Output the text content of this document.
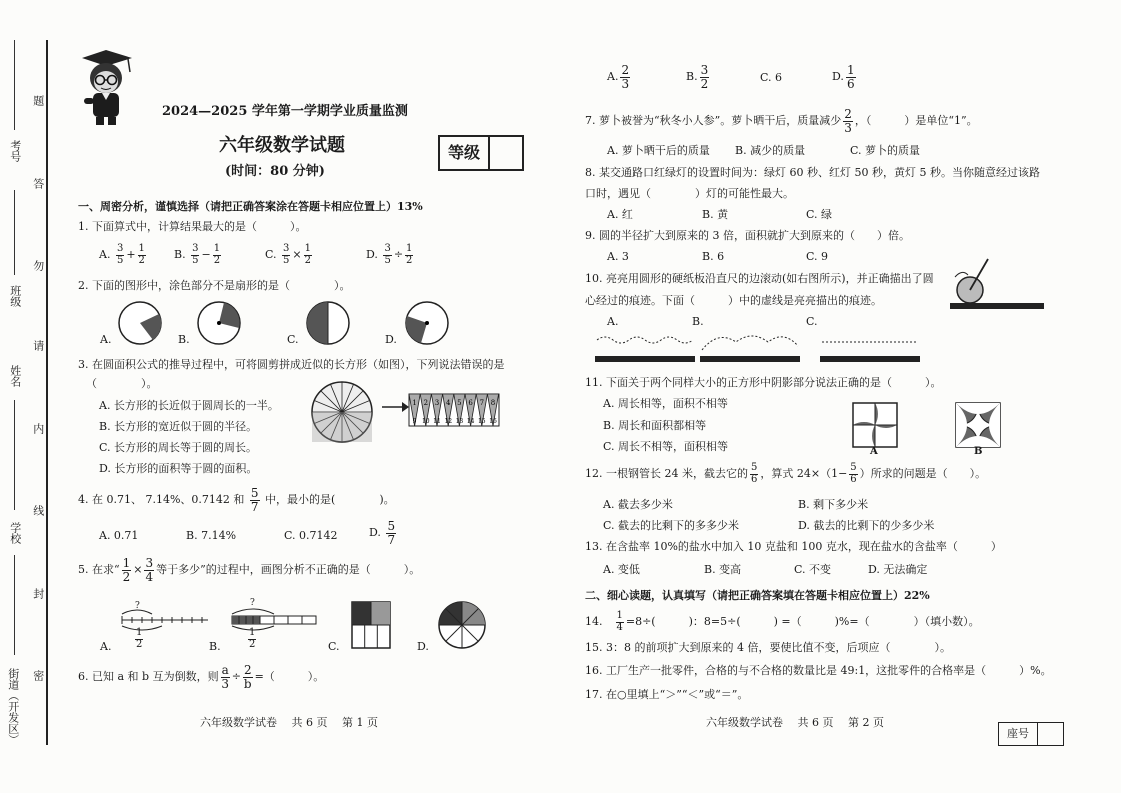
考号
班级
姓名
学校
街道（开发区）
题
答
勿
请
内
线
封
密
2024—2025 学年第一学期学业质量监测
六年级数学试题
(时间：80 分钟)
等级
一、周密分析，谨慎选择（请把正确答案涂在答题卡相应位置上）13%
1. 下面算式中，计算结果最大的是（　　　）。
A. $\frac{3}{5} + \frac{1}{2}$	B. $\frac{3}{5} - \frac{1}{2}$	C. $\frac{3}{5} \times \frac{1}{2}$	D. $\frac{3}{5} \div \frac{1}{2}$
2. 下面的图形中，涂色部分不是扇形的是（　　　　）。
A.	B.	C.	D.
3. 在圆面积公式的推导过程中，可将圆剪拼成近似的长方形（如图），下列说法错误的是
（　　　　）。
A. 长方形的长近似于圆周长的一半。
B. 长方形的宽近似于圆的半径。
C. 长方形的周长等于圆的周长。
D. 长方形的面积等于圆的面积。
1 2 3 4 5 6 7 8
9 10 11 12 13 14 15 16
4. 在 0.71、 7.14%、0.7142 和 $\frac{5}{7}$ 中，最小的是(　　　　)。
A. 0.71	B. 7.14%	C. 0.7142	D. $\frac{5}{7}$
5. 在求“ $\frac{1}{2} \times \frac{3}{4}$ 等于多少”的过程中，画图分析不正确的是（　　　）。
A.
?
$\frac{1}{2}$	B.
?
$\frac{1}{2}$	C.	D.
6. 已知 a 和 b 互为倒数，则 $\frac{a}{3} \div \frac{2}{b}$ =（　　　）。
六年级数学试卷　 共 6 页　 第 1 页
A. $\frac{2}{3}$	B. $\frac{3}{2}$	C. 6	D. $\frac{1}{6}$
7. 萝卜被誉为“秋冬小人参”。萝卜晒干后，质量减少 $\frac{2}{3}$ ，（　　　）是单位“1”。
A. 萝卜晒干后的质量 B. 减少的质量	C. 萝卜的质量
8. 某交通路口红绿灯的设置时间为：绿灯 60 秒、红灯 50 秒，黄灯 5 秒。当你随意经过该路
口时，遇见（　　　　）灯的可能性最大。
A. 红	B. 黄	C. 绿
9. 圆的半径扩大到原来的 3 倍，面积就扩大到原来的（　　）倍。
A. 3	B. 6	C. 9
10. 亮亮用圆形的硬纸板沿直尺的边滚动(如右图所示)，并正确描出了圆
心经过的痕迹。下面（　　　）中的虚线是亮亮描出的痕迹。
A.	B.	C.
11. 下面关于两个同样大小的正方形中阴影部分说法正确的是（　　　）。
A. 周长相等，面积不相等
B. 周长和面积都相等
C. 周长不相等，面积相等	A	B
12. 一根钢管长 24 米，截去它的 $\frac{5}{6}$ ，算式 $24\times(1- \frac{5}{6}$ ）所求的问题是（　　）。
A. 截去多少米	B. 剩下多少米
C. 截去的比剩下的多多少米	D. 截去的比剩下的少多少米
13. 在含盐率 10%的盐水中加入 10 克盐和 100 克水，现在盐水的含盐率（　　　）
A. 变低	B. 变高	C. 不变	D. 无法确定
二、细心读题，认真填写（请把正确答案填在答题卡相应位置上）22%
14.　 $\frac{1}{4} =8\div$(　　　)：8=5÷(　　　) =（　　　)%=（　　　　）（填小数）。
15. 3：8 的前项扩大到原来的 4 倍，要使比值不变，后项应（　　　　）。
16. 工厂生产一批零件，合格的与不合格的数量比是 49:1，这批零件的合格率是（　　　）%。
17. 在○里填上“＞”“＜”或“＝”。
六年级数学试卷　 共 6 页　 第 2 页
座号
